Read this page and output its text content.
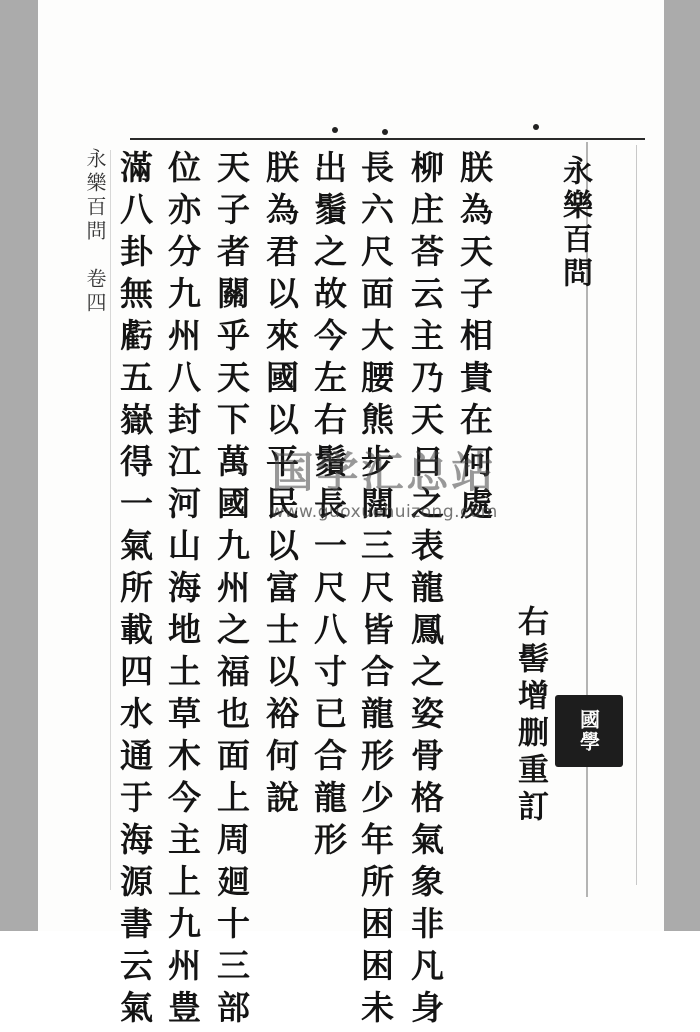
永樂百問
右髻增删重訂
朕為天子相貴在何處
柳庄荅云主乃天日之表龍鳳之姿骨格氣象非凡身
長六尺面大腰熊步闊三尺皆合龍形少年所困困未
出鬚之故今左右鬚長一尺八寸已合龍形
朕為君以來國以平民以富士以裕何說
天子者關乎天下萬國九州之福也面上周廻十三部
位亦分九州八封江河山海地土草木今主上九州豊
滿八卦無虧五嶽得一氣所載四水通于海源書云氣
永樂百問　卷四
國學
国学汇总站
www.guoxuehuizong.com
